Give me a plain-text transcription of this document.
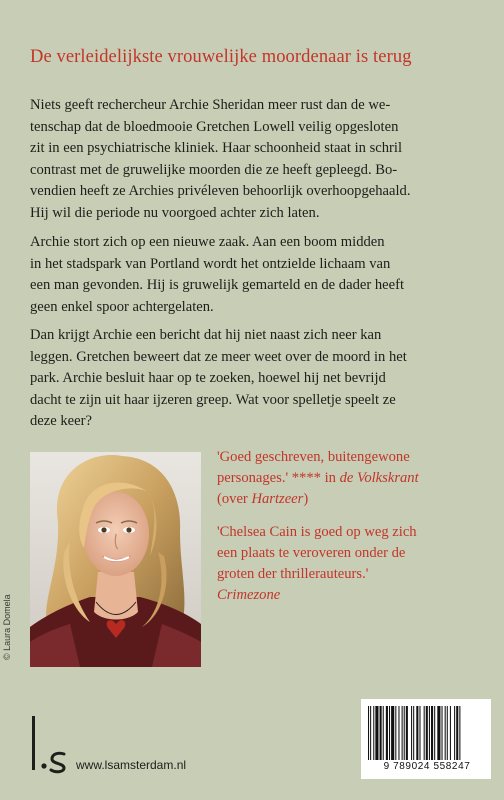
De verleidelijkste vrouwelijke moordenaar is terug

Niets geeft rechercheur Archie Sheridan meer rust dan de we-
tenschap dat de bloedmooie Gretchen Lowell veilig opgesloten
zit in een psychiatrische kliniek. Haar schoonheid staat in schril
contrast met de gruwelijke moorden die ze heeft gepleegd. Bo-
vendien heeft ze Archies privéleven behoorlijk overhoopgehaald.
Hij wil die periode nu voorgoed achter zich laten.

Archie stort zich op een nieuwe zaak. Aan een boom midden
in het stadspark van Portland wordt het ontzielde lichaam van
een man gevonden. Hij is gruwelijk gemarteld en de dader heeft
geen enkel spoor achtergelaten.

Dan krijgt Archie een bericht dat hij niet naast zich neer kan
leggen. Gretchen beweert dat ze meer weet over de moord in het
park. Archie besluit haar op te zoeken, hoewel hij net bevrijd
dacht te zijn uit haar ijzeren greep. Wat voor spelletje speelt ze
deze keer?

© Laura Domela
'Goed geschreven, buitengewone
personages.' **** in de Volkskrant
(over Hartzeer)
'Chelsea Cain is goed op weg zich
een plaats te veroveren onder de
groten der thrillerauteurs.'
Crimezone
www.lsamsterdam.nl	9 789024 558247
